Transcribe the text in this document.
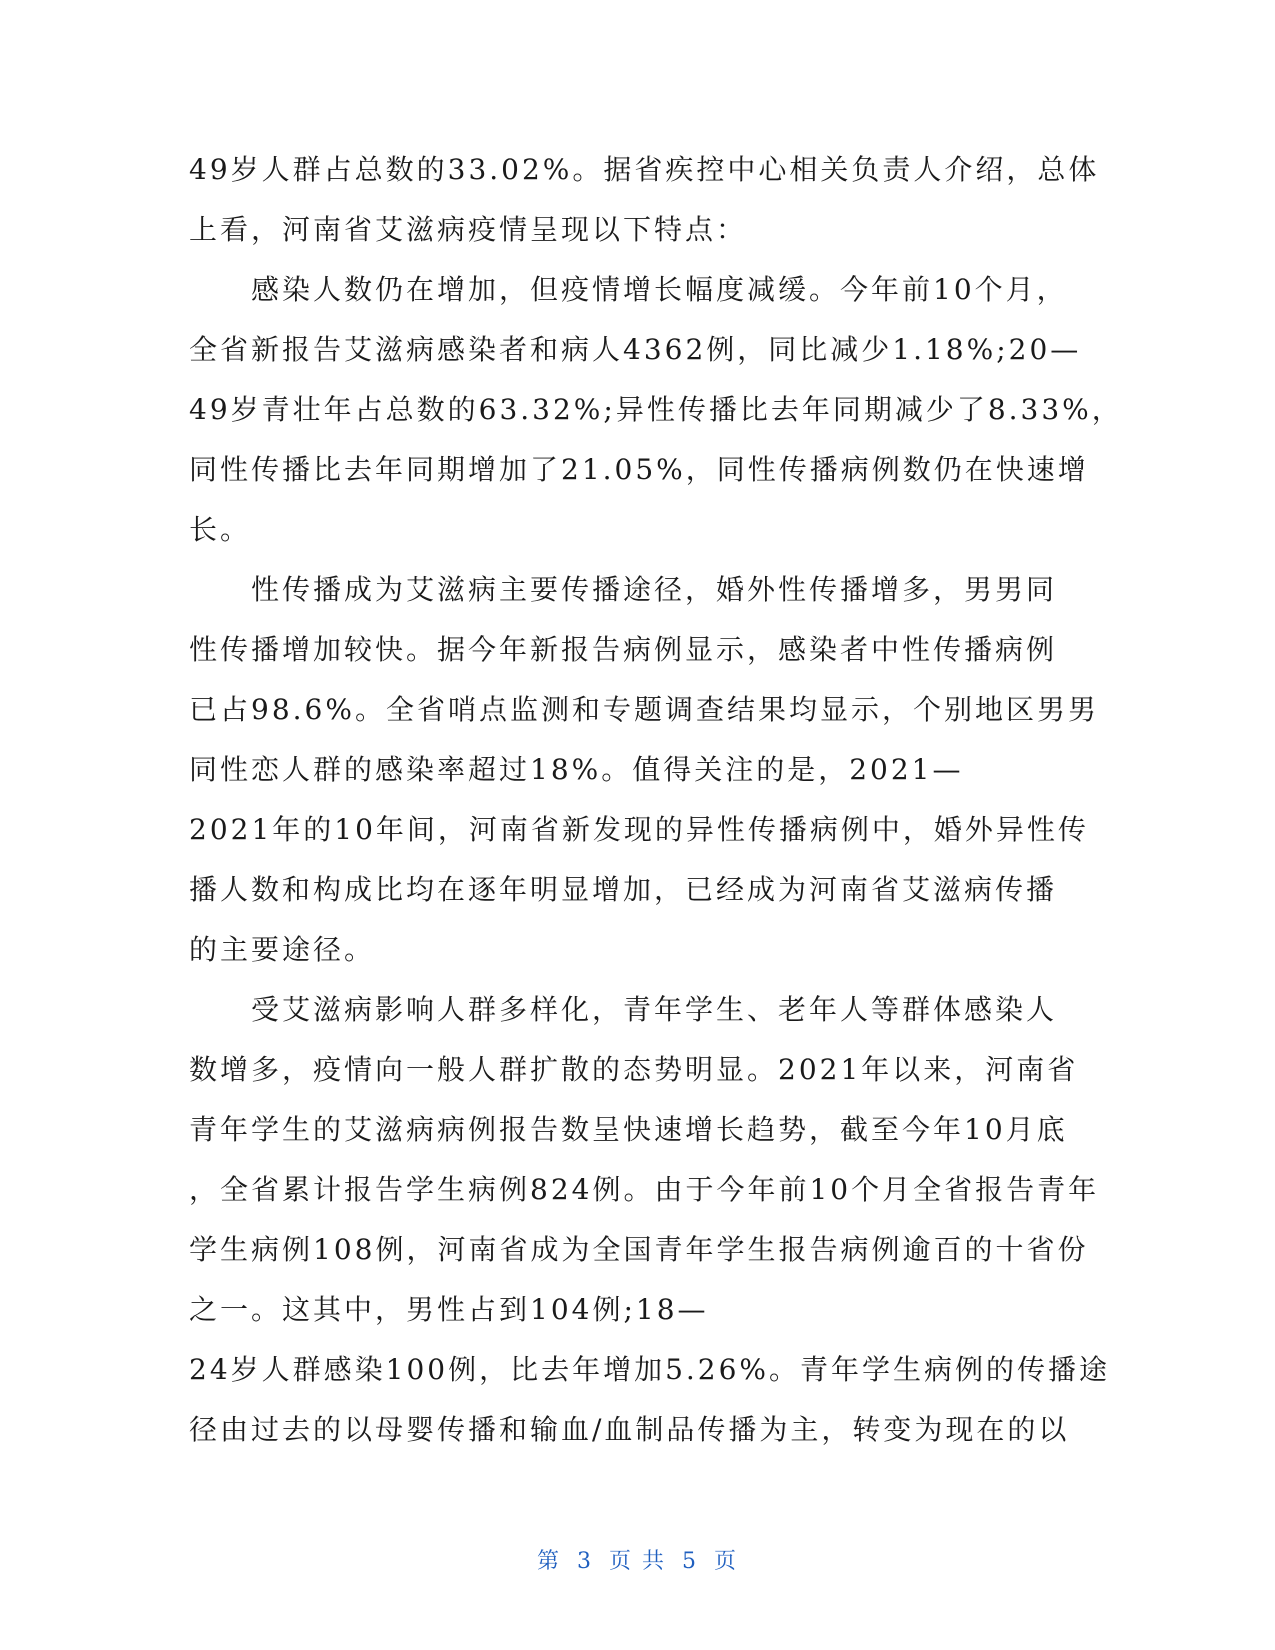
49岁人群占总数的33.02%。据省疾控中心相关负责人介绍，总体
上看，河南省艾滋病疫情呈现以下特点：
　　感染人数仍在增加，但疫情增长幅度减缓。今年前10个月，
全省新报告艾滋病感染者和病人4362例，同比减少1.18%;20—
49岁青壮年占总数的63.32%;异性传播比去年同期减少了8.33%，
同性传播比去年同期增加了21.05%，同性传播病例数仍在快速增
长。
　　性传播成为艾滋病主要传播途径，婚外性传播增多，男男同
性传播增加较快。据今年新报告病例显示，感染者中性传播病例
已占98.6%。全省哨点监测和专题调查结果均显示，个别地区男男
同性恋人群的感染率超过18%。值得关注的是，2021—
2021年的10年间，河南省新发现的异性传播病例中，婚外异性传
播人数和构成比均在逐年明显增加，已经成为河南省艾滋病传播
的主要途径。
　　受艾滋病影响人群多样化，青年学生、老年人等群体感染人
数增多，疫情向一般人群扩散的态势明显。2021年以来，河南省
青年学生的艾滋病病例报告数呈快速增长趋势，截至今年10月底
，全省累计报告学生病例824例。由于今年前10个月全省报告青年
学生病例108例，河南省成为全国青年学生报告病例逾百的十省份
之一。这其中，男性占到104例;18—
24岁人群感染100例，比去年增加5.26%。青年学生病例的传播途
径由过去的以母婴传播和输血/血制品传播为主，转变为现在的以
第 3 页 共 5 页
